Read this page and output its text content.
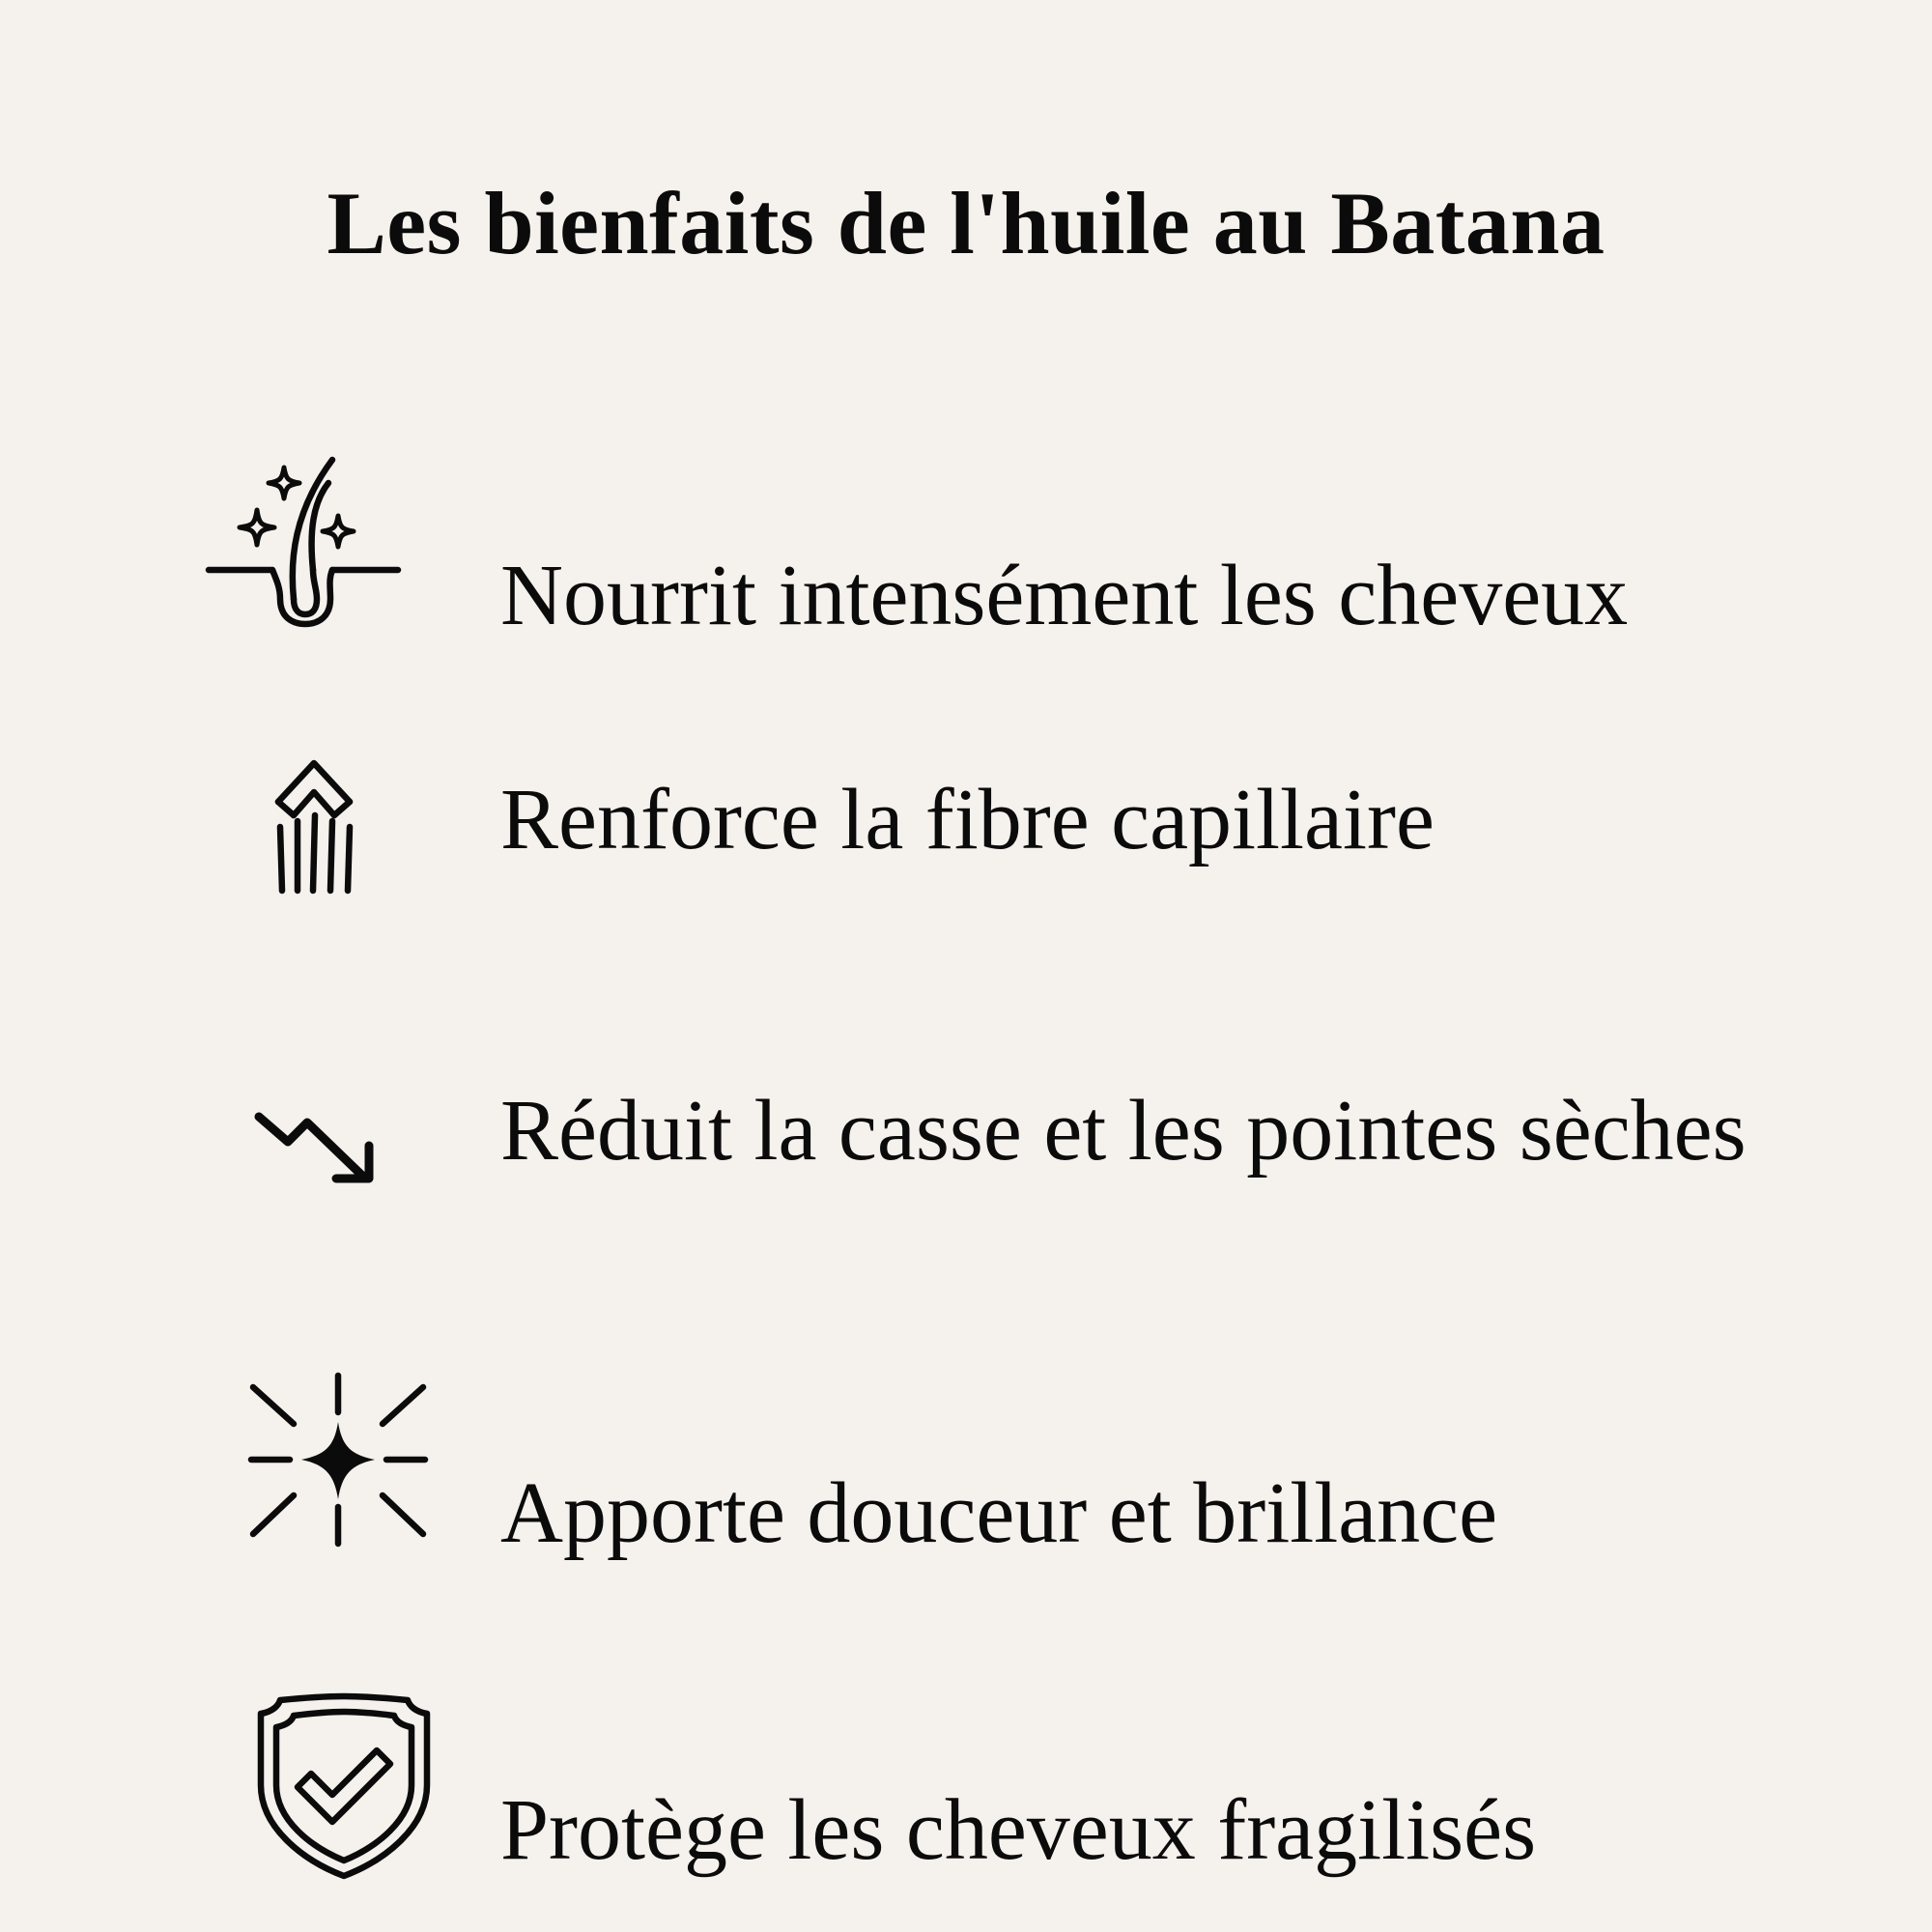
Les bienfaits de l'huile au Batana
Nourrit intensément les cheveux
Renforce la fibre capillaire
Réduit la casse et les pointes sèches
Apporte douceur et brillance
Protège les cheveux fragilisés
